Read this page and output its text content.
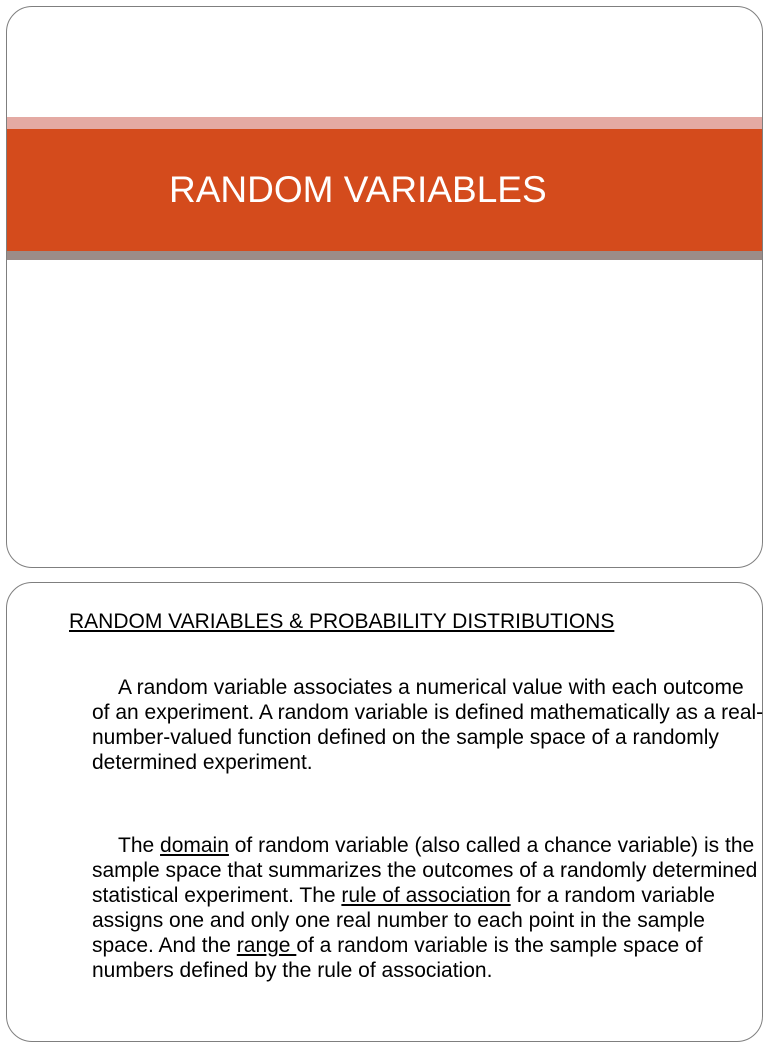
RANDOM VARIABLES
RANDOM VARIABLES & PROBABILITY DISTRIBUTIONS
A random variable associates a numerical value with each outcome of an experiment. A random variable is defined mathematically as a real-number-valued function defined on the sample space of a randomly determined experiment.
The domain of random variable (also called a chance variable) is the sample space that summarizes the outcomes of a randomly determined statistical experiment. The rule of association for a random variable assigns one and only one real number to each point in the sample space. And the range of a random variable is the sample space of numbers defined by the rule of association.
